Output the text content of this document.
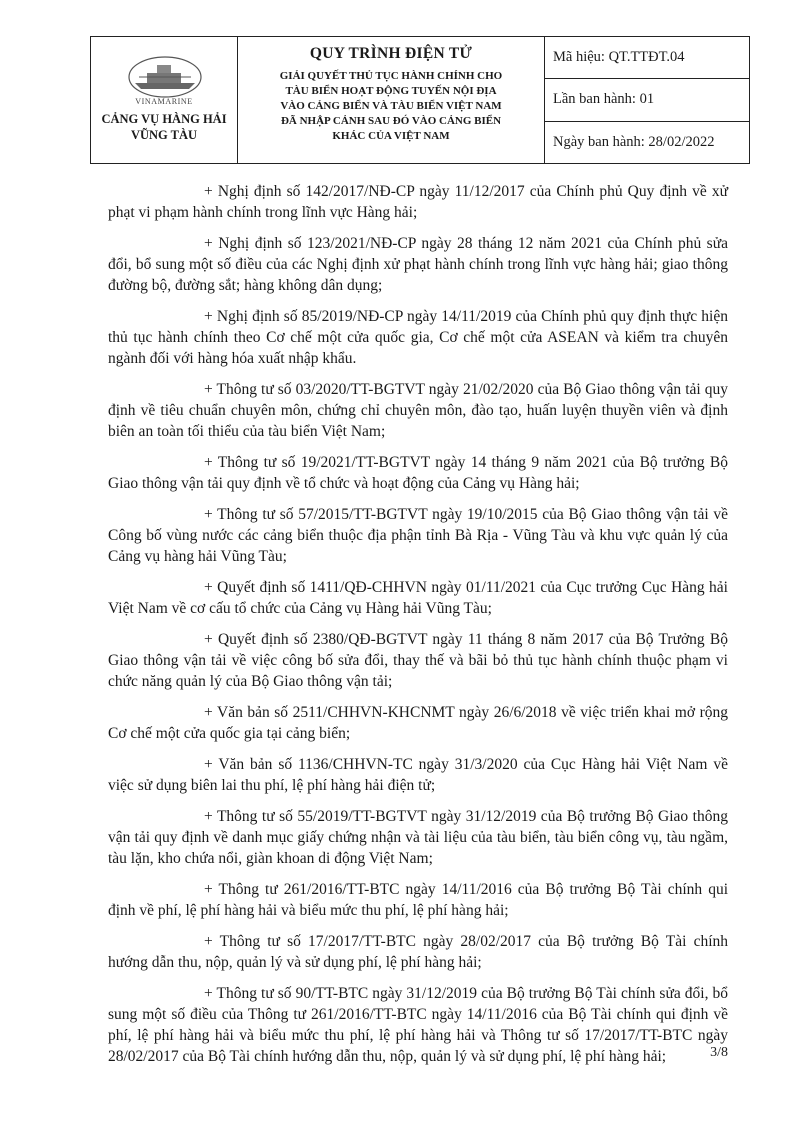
VINAMARINE
CẢNG VỤ HÀNG HẢI
VŨNG TÀU
QUY TRÌNH ĐIỆN TỬ
GIẢI QUYẾT THỦ TỤC HÀNH CHÍNH CHO
TÀU BIỂN HOẠT ĐỘNG TUYẾN NỘI ĐỊA
VÀO CẢNG BIỂN VÀ TÀU BIỂN VIỆT NAM
ĐÃ NHẬP CẢNH SAU ĐÓ VÀO CẢNG BIỂN
KHÁC CỦA VIỆT NAM
Mã hiệu: QT.TTĐT.04
Lần ban hành: 01
Ngày ban hành: 28/02/2022

+ Nghị định số 142/2017/NĐ-CP ngày 11/12/2017 của Chính phủ Quy định về xử phạt vi phạm hành chính trong lĩnh vực Hàng hải;

+ Nghị định số 123/2021/NĐ-CP ngày 28 tháng 12 năm 2021 của Chính phủ sửa đổi, bổ sung một số điều của các Nghị định xử phạt hành chính trong lĩnh vực hàng hải; giao thông đường bộ, đường sắt; hàng không dân dụng;

+ Nghị định số 85/2019/NĐ-CP ngày 14/11/2019 của Chính phủ quy định thực hiện thủ tục hành chính theo Cơ chế một cửa quốc gia, Cơ chế một cửa ASEAN và kiểm tra chuyên ngành đối với hàng hóa xuất nhập khẩu.

+ Thông tư số 03/2020/TT-BGTVT ngày 21/02/2020 của Bộ Giao thông vận tải quy định về tiêu chuẩn chuyên môn, chứng chỉ chuyên môn, đào tạo, huấn luyện thuyền viên và định biên an toàn tối thiểu của tàu biển Việt Nam;

+ Thông tư số 19/2021/TT-BGTVT ngày 14 tháng 9 năm 2021 của Bộ trưởng Bộ Giao thông vận tải quy định về tổ chức và hoạt động của Cảng vụ Hàng hải;

+ Thông tư số 57/2015/TT-BGTVT ngày 19/10/2015 của Bộ Giao thông vận tải về Công bố vùng nước các cảng biển thuộc địa phận tỉnh Bà Rịa - Vũng Tàu và khu vực quản lý của Cảng vụ hàng hải Vũng Tàu;

+ Quyết định số 1411/QĐ-CHHVN ngày 01/11/2021 của Cục trưởng Cục Hàng hải Việt Nam về cơ cấu tổ chức của Cảng vụ Hàng hải Vũng Tàu;

+ Quyết định số 2380/QĐ-BGTVT ngày 11 tháng 8 năm 2017 của Bộ Trưởng Bộ Giao thông vận tải về việc công bố sửa đổi, thay thế và bãi bỏ thủ tục hành chính thuộc phạm vi chức năng quản lý của Bộ Giao thông vận tải;

+ Văn bản số 2511/CHHVN-KHCNMT ngày 26/6/2018 về việc triển khai mở rộng Cơ chế một cửa quốc gia tại cảng biển;

+ Văn bản số 1136/CHHVN-TC ngày 31/3/2020 của Cục Hàng hải Việt Nam về việc sử dụng biên lai thu phí, lệ phí hàng hải điện tử;

+ Thông tư số 55/2019/TT-BGTVT ngày 31/12/2019 của Bộ trưởng Bộ Giao thông vận tải quy định về danh mục giấy chứng nhận và tài liệu của tàu biển, tàu biển công vụ, tàu ngầm, tàu lặn, kho chứa nổi, giàn khoan di động Việt Nam;

+ Thông tư 261/2016/TT-BTC ngày 14/11/2016 của Bộ trưởng Bộ Tài chính qui định về phí, lệ phí hàng hải và biểu mức thu phí, lệ phí hàng hải;

+ Thông tư số 17/2017/TT-BTC ngày 28/02/2017 của Bộ trưởng Bộ Tài chính hướng dẫn thu, nộp, quản lý và sử dụng phí, lệ phí hàng hải;

+ Thông tư số 90/TT-BTC ngày 31/12/2019 của Bộ trưởng Bộ Tài chính sửa đổi, bổ sung một số điều của Thông tư 261/2016/TT-BTC ngày 14/11/2016 của Bộ Tài chính qui định về phí, lệ phí hàng hải và biểu mức thu phí, lệ phí hàng hải và Thông tư số 17/2017/TT-BTC ngày 28/02/2017 của Bộ Tài chính hướng dẫn thu, nộp, quản lý và sử dụng phí, lệ phí hàng hải;	3/8
